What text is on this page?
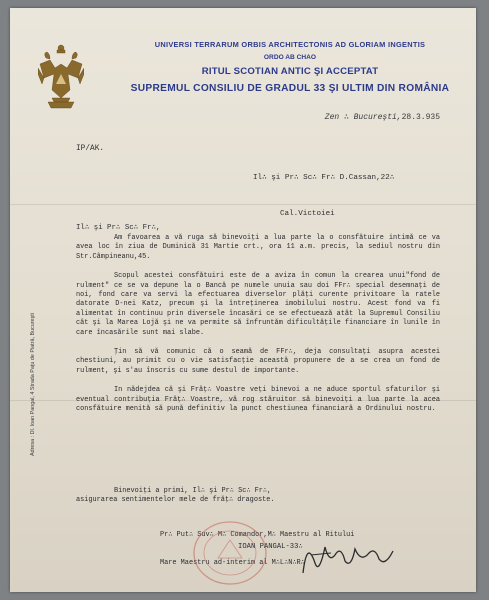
UNIVERSI TERRARUM ORBIS ARCHITECTONIS AD GLORIAM INGENTIS
ORDO AB CHAO
RITUL SCOTIAN ANTIC ŞI ACCEPTAT
SUPREMUL CONSILIU DE GRADUL 33 ŞI ULTIM DIN ROMÂNIA
Zen ∴ Bucureşti,28.3.935
IP/AK.

Il∴ şi Pr∴ Sc∴ Fr∴ D.Cassan,22∴

Cal.Victoiei

Adresa : Dl. Ioan Pangal, 4 Strada Paţu de Piatră, Bucureşti
Il∴ şi Pr∴ Sc∴ Fr∴,

Am favoarea a vă ruga să binevoiţi a lua parte la o consfătuire intimă ce va avea loc în ziua de Duminică 31 Martie crt., ora 11 a.m. precis, la sediul nostru din Str.Câmpineanu,45.

Scopul acestei consfătuiri este de a aviza în comun la crearea unui"fond de rulment" ce se va depune la o Bancă pe numele unuia sau doi FFr∴ special desemnaţi de noi, fond care va servi la efectuarea diverselor plăţi curente privitoare la ratele datorate D-nei Katz, precum şi la întreţinerea imobilului nostru. Acest fond va fi alimentat în continuu prin diversele încasări ce se efectuează atât la Supremul Consiliu cât şi la Marea Lojă şi ne va permite să înfruntăm dificultăţile financiare în lunile în care încasările sunt mai slabe.

Ţin să vă comunic că o seamă de FFr∴, deja consultaţi asupra acestei chestiuni, au primit cu o vie satisfacţie această propunere de a se crea un fond de rulment, şi s'au înscris cu sume destul de importante.

In nădejdea că şi Frăţ∴ Voastre veţi binevoi a ne aduce sportul sfaturilor şi eventual contribuţia Frăţ∴ Voastre, vă rog stăruitor să binevoiţi a lua parte la acea consfătuire menită să pună definitiv la punct chestiunea financiară a Ordinului nostru.

Binevoiţi a primi, Il∴ şi Pr∴ Sc∴ Fr∴,
asigurarea sentimentelor mele de frăţ∴ dragoste.

Pr∴ Put∴ Suv∴ M∴ Comandor,M∴ Maestru al Ritului

Mare Maestru ad-interim al M∴L∴N∴R∴

IOAN PANGAL-33∴
